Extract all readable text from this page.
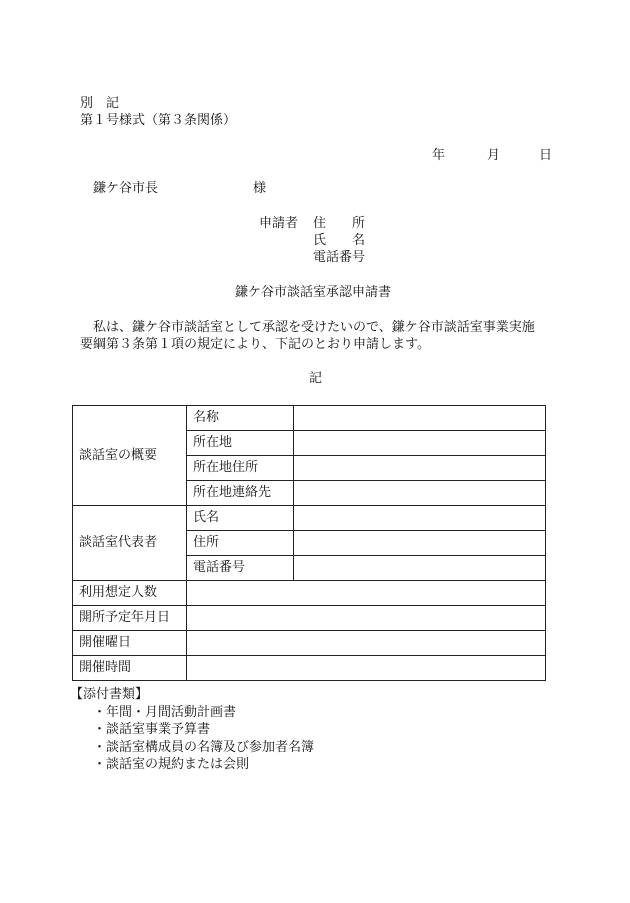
別　記
第１号様式（第３条関係）
年	月	日
鎌ケ谷市長	様
申請者 住　　所
氏　　名
電話番号
鎌ケ谷市談話室承認申請書
私は、鎌ケ谷市談話室として承認を受けたいので、鎌ケ谷市談話室事業実施
要綱第３条第１項の規定により、下記のとおり申請します。
記
談話室の概要	名称	
	所在地	
	所在地住所	
	所在地連絡先	
談話室代表者	氏名	
	住所	
	電話番号	
利用想定人数		
開所予定年月日		
開催曜日		
開催時間		
【添付書類】
・年間・月間活動計画書
・談話室事業予算書
・談話室構成員の名簿及び参加者名簿
・談話室の規約または会則
